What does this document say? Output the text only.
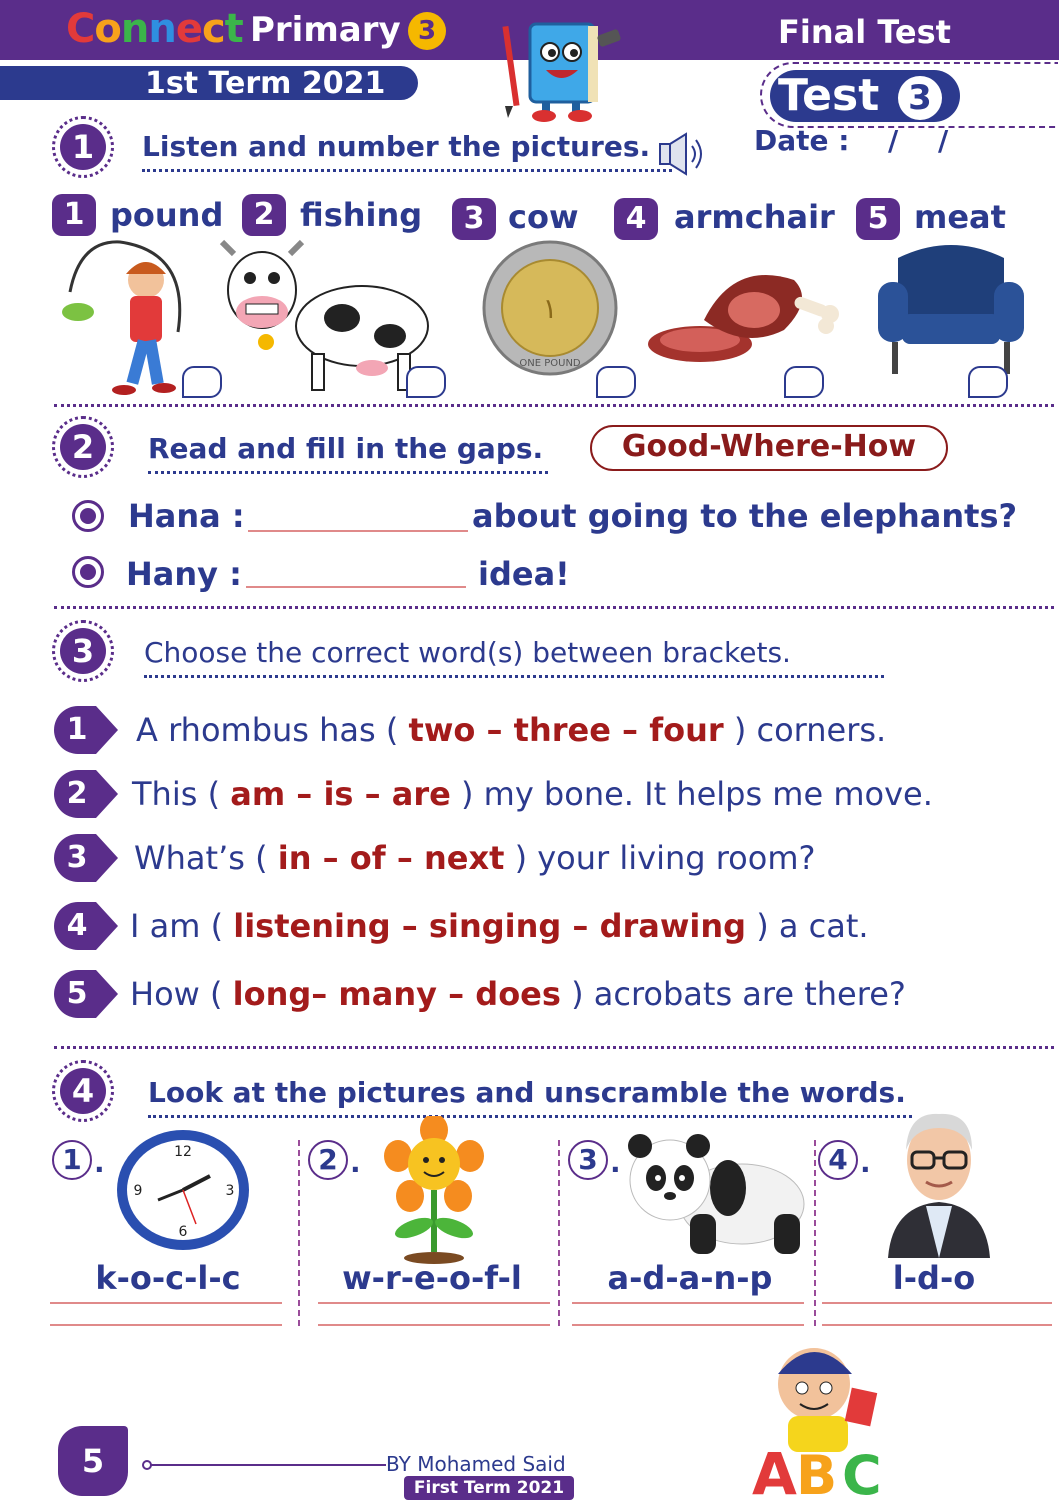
Connect Primary 3	Final Test
1st Term 2021	Test 3
Date : / /
1	Listen and number the pictures.
1 pound	2 fishing	3 cow	4 armchair	5 meat
١
ONE POUND
2	Read and fill in the gaps.	Good-Where-How
Hana :	about going to the elephants?
Hany :	idea!
3	Choose the correct word(s) between brackets.
1 A rhombus has ( two – three – four ) corners.
2 This ( am – is – are ) my bone. It helps me move.
3 What’s ( in – of – next ) your living room?
4 I am ( listening – singing – drawing ) a cat.
5 How ( long– many – does ) acrobats are there?
4	Look at the pictures and unscramble the words.
1 .	12
3
6
9
k-o-c-l-c
2 .
w-r-e-o-f-l
3 .
a-d-a-n-p
4 .
l-d-o
A B C
5	BY Mohamed Said
First Term 2021
